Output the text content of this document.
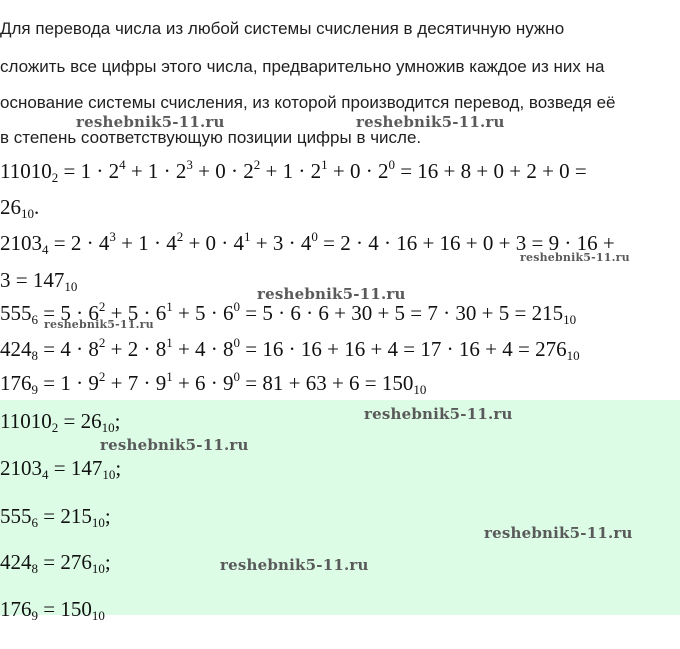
Для перевода числа из любой системы счисления в десятичную нужно
сложить все цифры этого числа, предварительно умножив каждое из них на
основание системы счисления, из которой производится перевод, возведя её
в степень соответствующую позиции цифры в числе.
$11010_2 = 1 \cdot 2^4 + 1 \cdot 2^3 + 0 \cdot 2^2 + 1 \cdot 2^1 + 0 \cdot 2^0 = 16 + 8 + 0 + 2 + 0$ =
$26_{10}$.
$2103_4 = 2 \cdot 4^3 + 1 \cdot 4^2 + 0 \cdot 4^1 + 3 \cdot 4^0 = 2 \cdot 4 \cdot 16 + 16 + 0 + 3 = 9 \cdot 16$ +
$3 = 147_{10}$
$555_6 = 5 \cdot 6^2 + 5 \cdot 6^1 + 5 \cdot 6^0 = 5 \cdot 6 \cdot 6 + 30 + 5 = 7 \cdot 30 + 5 = 215_{10}$
$424_8 = 4 \cdot 8^2 + 2 \cdot 8^1 + 4 \cdot 8^0 = 16 \cdot 16 + 16 + 4 = 17 \cdot 16 + 4 = 276_{10}$
$176_9 = 1 \cdot 9^2 + 7 \cdot 9^1 + 6 \cdot 9^0 = 81 + 63 + 6 = 150_{10}$
$11010_2 = 26_{10}$;
$2103_4 = 147_{10}$;
$555_6 = 215_{10}$;
$424_8 = 276_{10}$;
$176_9 = 150_{10}$
reshebnik5-11.ru
reshebnik5-11.ru
reshebnik5-11.ru
reshebnik5-11.ru
reshebnik5-11.ru	reshebnik5-11.ru
reshebnik5-11.ru
reshebnik5-11.ru
reshebnik5-11.ru
